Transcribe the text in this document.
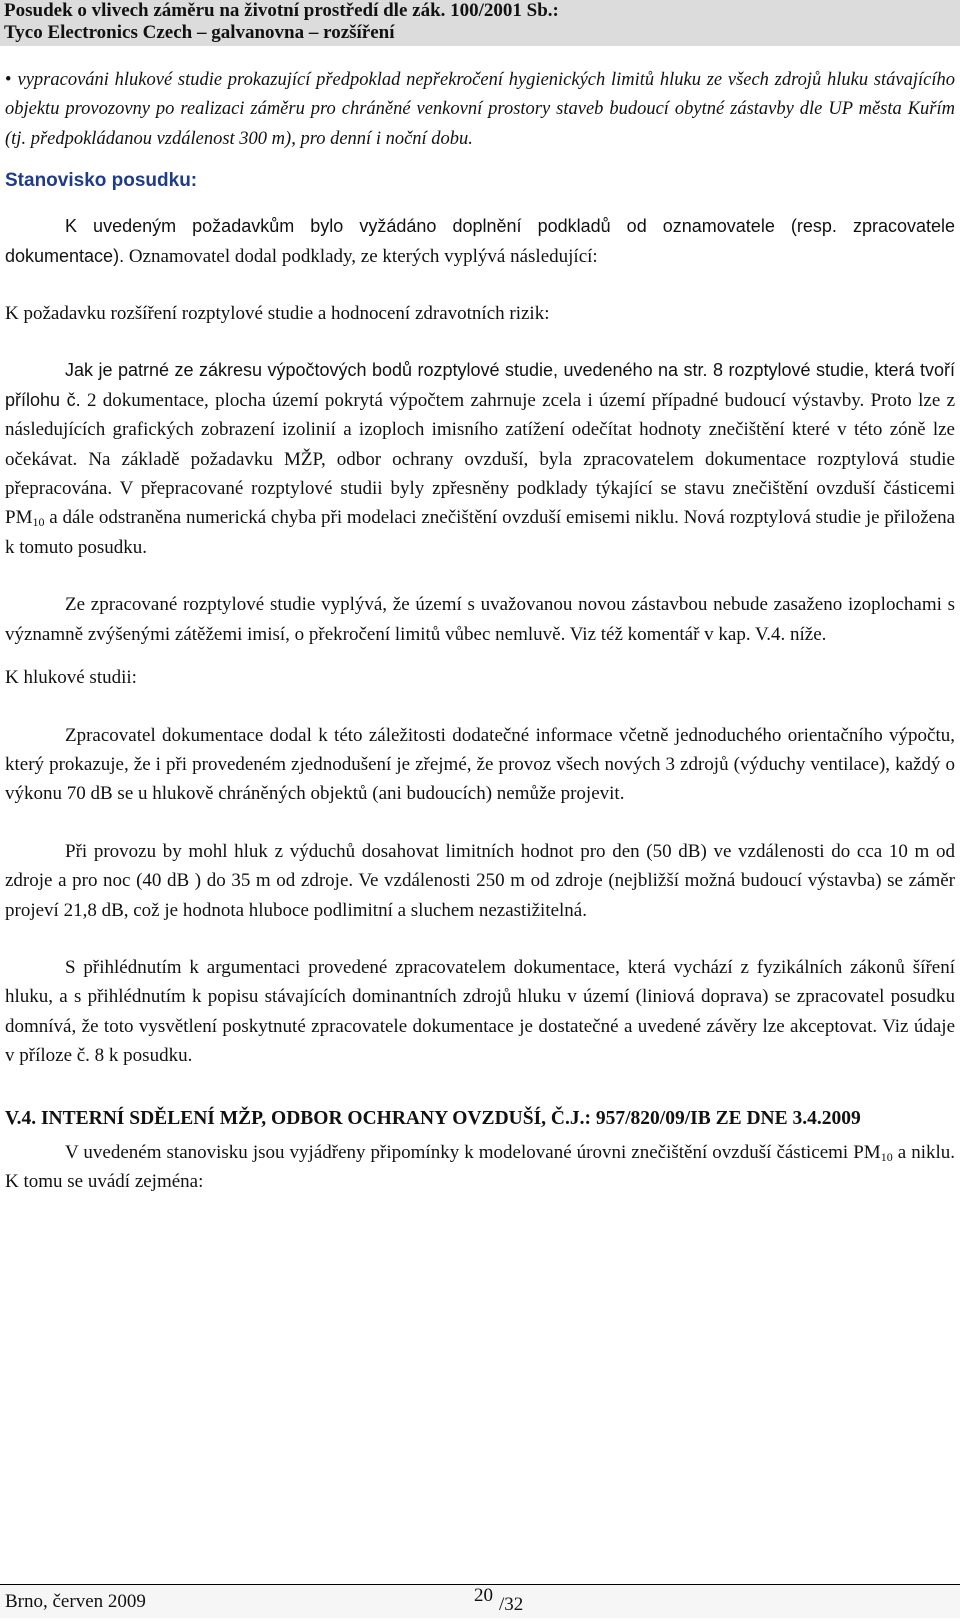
Posudek o vlivech záměru na životní prostředí dle zák. 100/2001 Sb.:
Tyco Electronics Czech – galvanovna – rozšíření

• vypracováni hlukové studie prokazující předpoklad nepřekročení hygienických limitů hluku ze všech zdrojů hluku stávajícího objektu provozovny po realizaci záměru pro chráněné venkovní prostory staveb budoucí obytné zástavby dle UP města Kuřím (tj. předpokládanou vzdálenost 300 m), pro denní i noční dobu.

Stanovisko posudku:

K uvedeným požadavkům bylo vyžádáno doplnění podkladů od oznamovatele (resp. zpracovatele dokumentace). Oznamovatel dodal podklady, ze kterých vyplývá následující:

K požadavku rozšíření rozptylové studie a hodnocení zdravotních rizik:

Jak je patrné ze zákresu výpočtových bodů rozptylové studie, uvedeného na str. 8 rozptylové studie, která tvoří přílohu č. 2 dokumentace, plocha území pokrytá výpočtem zahrnuje zcela i území případné budoucí výstavby. Proto lze z následujících grafických zobrazení izolinií a izoploch imisního zatížení odečítat hodnoty znečištění které v této zóně lze očekávat. Na základě požadavku MŽP, odbor ochrany ovzduší, byla zpracovatelem dokumentace rozptylová studie přepracována. V přepracované rozptylové studii byly zpřesněny podklady týkající se stavu znečištění ovzduší částicemi $PM_{10}$ a dále odstraněna numerická chyba při modelaci znečištění ovzduší emisemi niklu. Nová rozptylová studie je přiložena k tomuto posudku.

Ze zpracované rozptylové studie vyplývá, že území s uvažovanou novou zástavbou nebude zasaženo izoplochami s významně zvýšenými zátěžemi imisí, o překročení limitů vůbec nemluvě. Viz též komentář v kap. V.4. níže.

K hlukové studii:

Zpracovatel dokumentace dodal k této záležitosti dodatečné informace včetně jednoduchého orientačního výpočtu, který prokazuje, že i při provedeném zjednodušení je zřejmé, že provoz všech nových 3 zdrojů (výduchy ventilace), každý o výkonu 70 dB se u hlukově chráněných objektů (ani budoucích) nemůže projevit.

Při provozu by mohl hluk z výduchů dosahovat limitních hodnot pro den (50 dB) ve vzdálenosti do cca 10 m od zdroje a pro noc (40 dB ) do 35 m od zdroje. Ve vzdálenosti 250 m od zdroje (nejbližší možná budoucí výstavba) se záměr projeví 21,8 dB, což je hodnota hluboce podlimitní a sluchem nezastižitelná.

S přihlédnutím k argumentaci provedené zpracovatelem dokumentace, která vychází z fyzikálních zákonů šíření hluku, a s přihlédnutím k popisu stávajících dominantních zdrojů hluku v území (liniová doprava) se zpracovatel posudku domnívá, že toto vysvětlení poskytnuté zpracovatele dokumentace je dostatečné a uvedené závěry lze akceptovat. Viz údaje v příloze č. 8 k posudku.

V.4. INTERNÍ SDĚLENÍ MŽP, ODBOR OCHRANY OVZDUŠÍ, Č.J.: 957/820/09/IB ZE DNE 3.4.2009

V uvedeném stanovisku jsou vyjádřeny připomínky k modelované úrovni znečištění ovzduší částicemi $PM_{10}$ a niklu. K tomu se uvádí zejména:

Brno, červen 2009	20 /32
